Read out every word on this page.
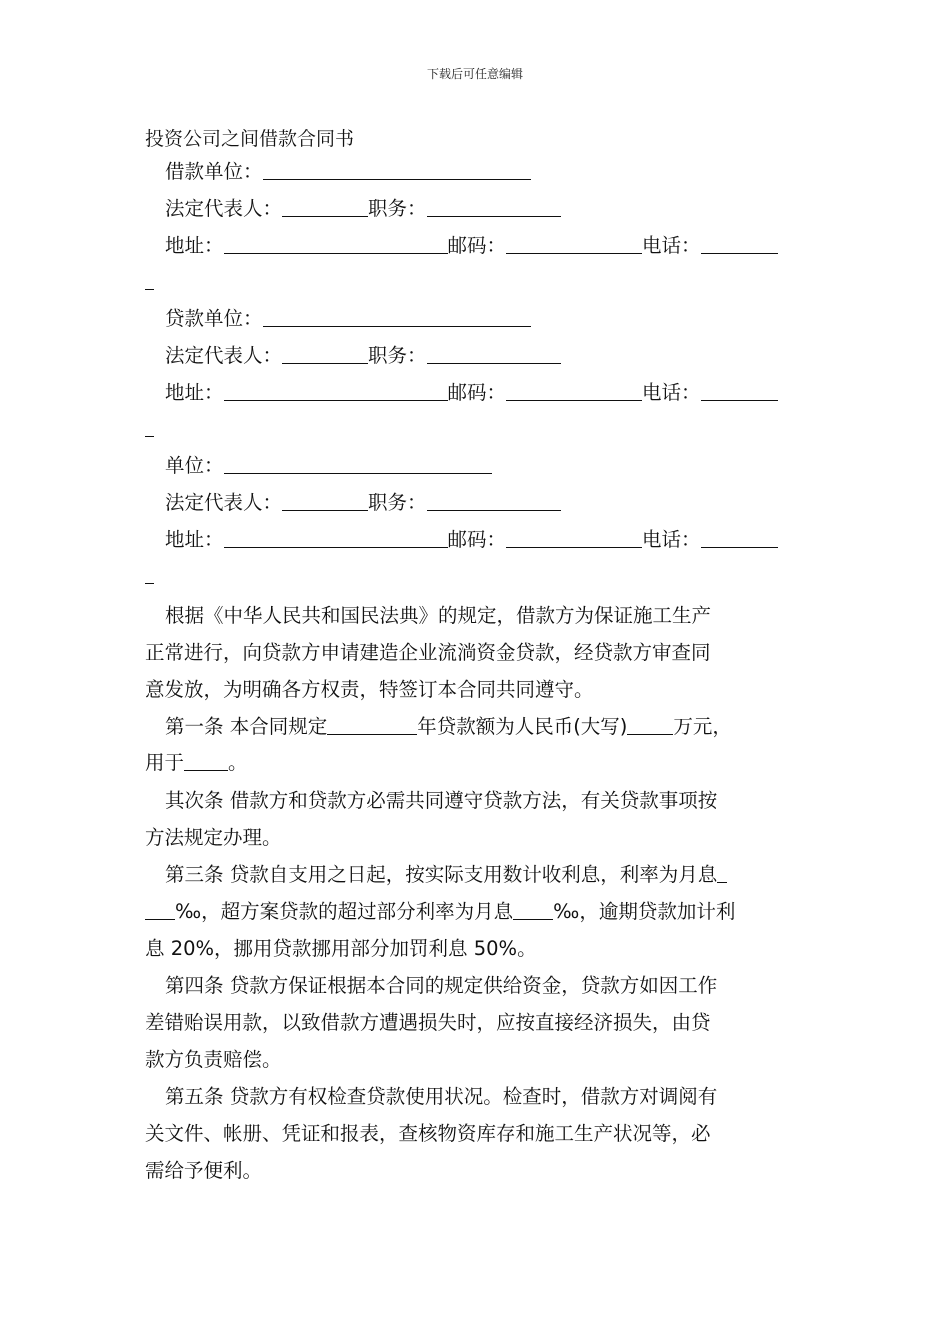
下载后可任意编辑
投资公司之间借款合同书
借款单位：
法定代表人：	职务：
地址：	邮码：	电话：
贷款单位：
法定代表人：	职务：
地址：	邮码：	电话：
单位：
法定代表人：	职务：
地址：	邮码：	电话：

根据《中华人民共和国民法典》的规定，借款方为保证施工生产

正常进行，向贷款方申请建造企业流淌资金贷款，经贷款方审查同

意发放，为明确各方权责，特签订本合同共同遵守。

第一条 本合同规定	年贷款额为人民币(大写) 万元，

用于 。

其次条 借款方和贷款方必需共同遵守贷款方法，有关贷款事项按

方法规定办理。

第三条 贷款自支用之日起，按实际支用数计收利息，利率为月息

‰，超方案贷款的超过部分利率为月息 ‰，逾期贷款加计利

息 20%，挪用贷款挪用部分加罚利息 50%。

第四条 贷款方保证根据本合同的规定供给资金，贷款方如因工作

差错贻误用款，以致借款方遭遇损失时，应按直接经济损失，由贷

款方负责赔偿。

第五条 贷款方有权检查贷款使用状况。检查时，借款方对调阅有

关文件、帐册、凭证和报表，查核物资库存和施工生产状况等，必

需给予便利。
